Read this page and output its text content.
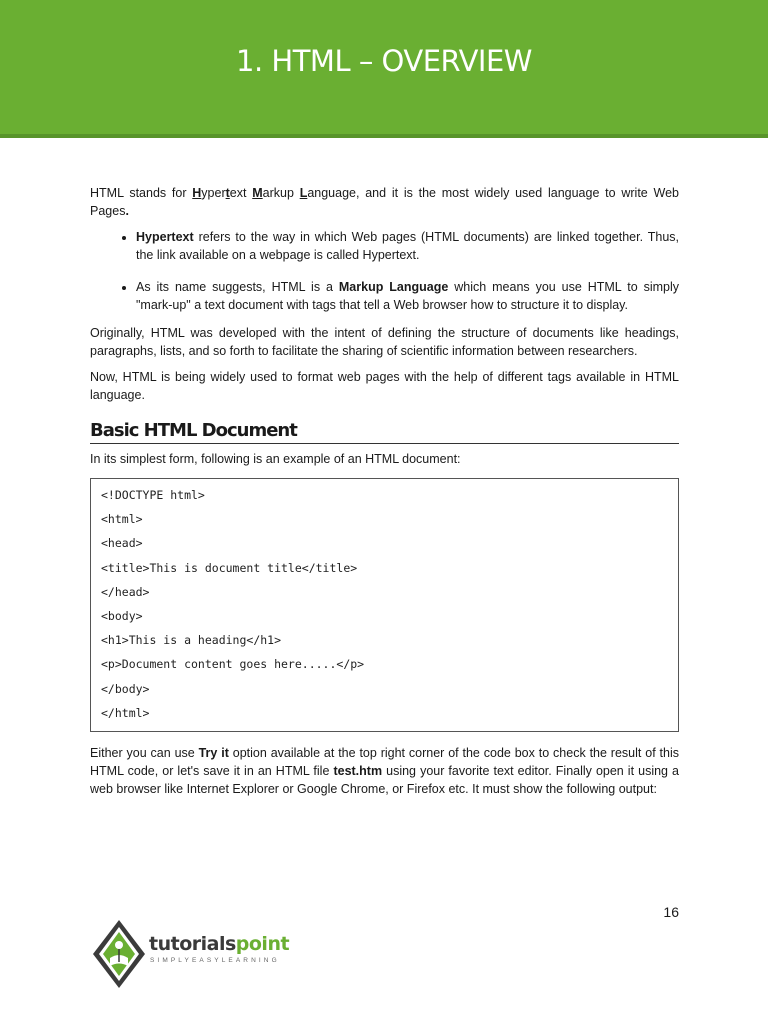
1. HTML – OVERVIEW

HTML stands for Hypertext Markup Language, and it is the most widely used language to write Web Pages.

• Hypertext refers to the way in which Web pages (HTML documents) are linked together. Thus, the link available on a webpage is called Hypertext.
• As its name suggests, HTML is a Markup Language which means you use HTML to simply "mark-up" a text document with tags that tell a Web browser how to structure it to display.

Originally, HTML was developed with the intent of defining the structure of documents like headings, paragraphs, lists, and so forth to facilitate the sharing of scientific information between researchers.

Now, HTML is being widely used to format web pages with the help of different tags available in HTML language.

Basic HTML Document

In its simplest form, following is an example of an HTML document:

<!DOCTYPE html>
<html>
<head>
<title>This is document title</title>
</head>
<body>
<h1>This is a heading</h1>
<p>Document content goes here.....</p>
</body>
</html>

Either you can use Try it option available at the top right corner of the code box to check the result of this HTML code, or let's save it in an HTML file test.htm using your favorite text editor. Finally open it using a web browser like Internet Explorer or Google Chrome, or Firefox etc. It must show the following output:

16
tutorialspoint
SIMPLYEASYLEARNING
